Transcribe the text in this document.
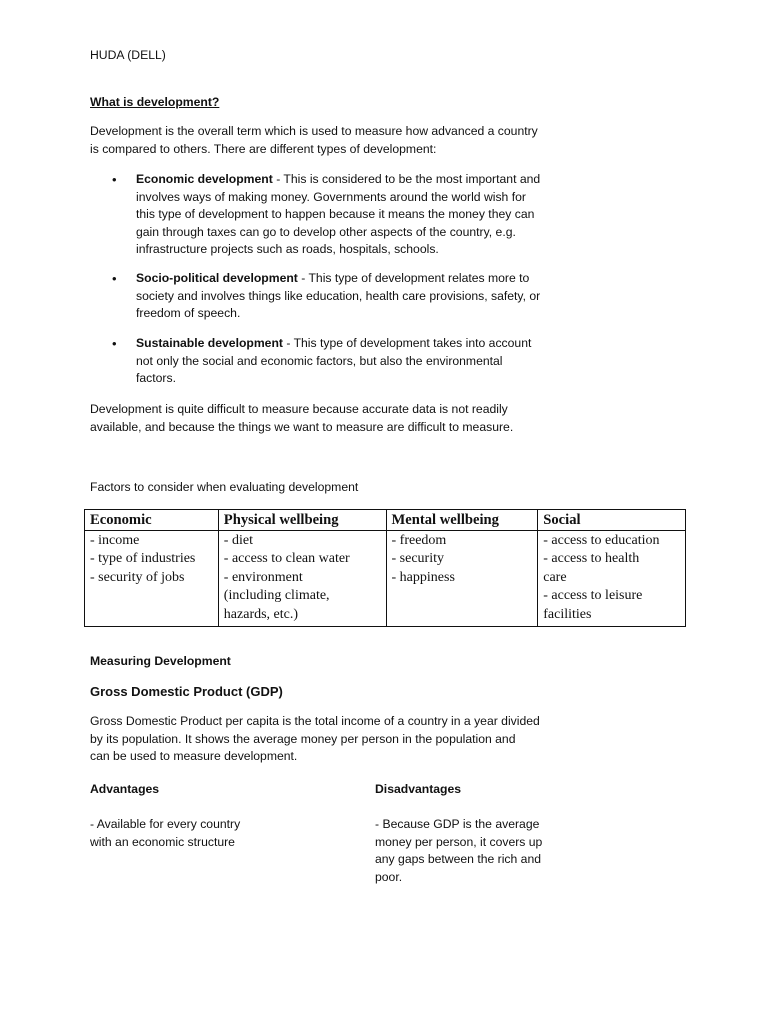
HUDA (DELL)
What is development?
Development is the overall term which is used to measure how advanced a country
is compared to others. There are different types of development:
• Economic development - This is considered to be the most important and
involves ways of making money. Governments around the world wish for
this type of development to happen because it means the money they can
gain through taxes can go to develop other aspects of the country, e.g.
infrastructure projects such as roads, hospitals, schools.
• Socio-political development - This type of development relates more to
society and involves things like education, health care provisions, safety, or
freedom of speech.
• Sustainable development - This type of development takes into account
not only the social and economic factors, but also the environmental
factors.
Development is quite difficult to measure because accurate data is not readily
available, and because the things we want to measure are difficult to measure.
Factors to consider when evaluating development
Economic	Physical wellbeing	Mental wellbeing	Social

- income
- type of industries
- security of jobs	- diet
- access to clean water
- environment
(including climate,
hazards, etc.)	- freedom
- security
- happiness	- access to education
- access to health
care
- access to leisure
facilities
Measuring Development
Gross Domestic Product (GDP)
Gross Domestic Product per capita is the total income of a country in a year divided
by its population. It shows the average money per person in the population and
can be used to measure development.
Advantages
- Available for every country
with an economic structure
Disadvantages
- Because GDP is the average
money per person, it covers up
any gaps between the rich and
poor.
